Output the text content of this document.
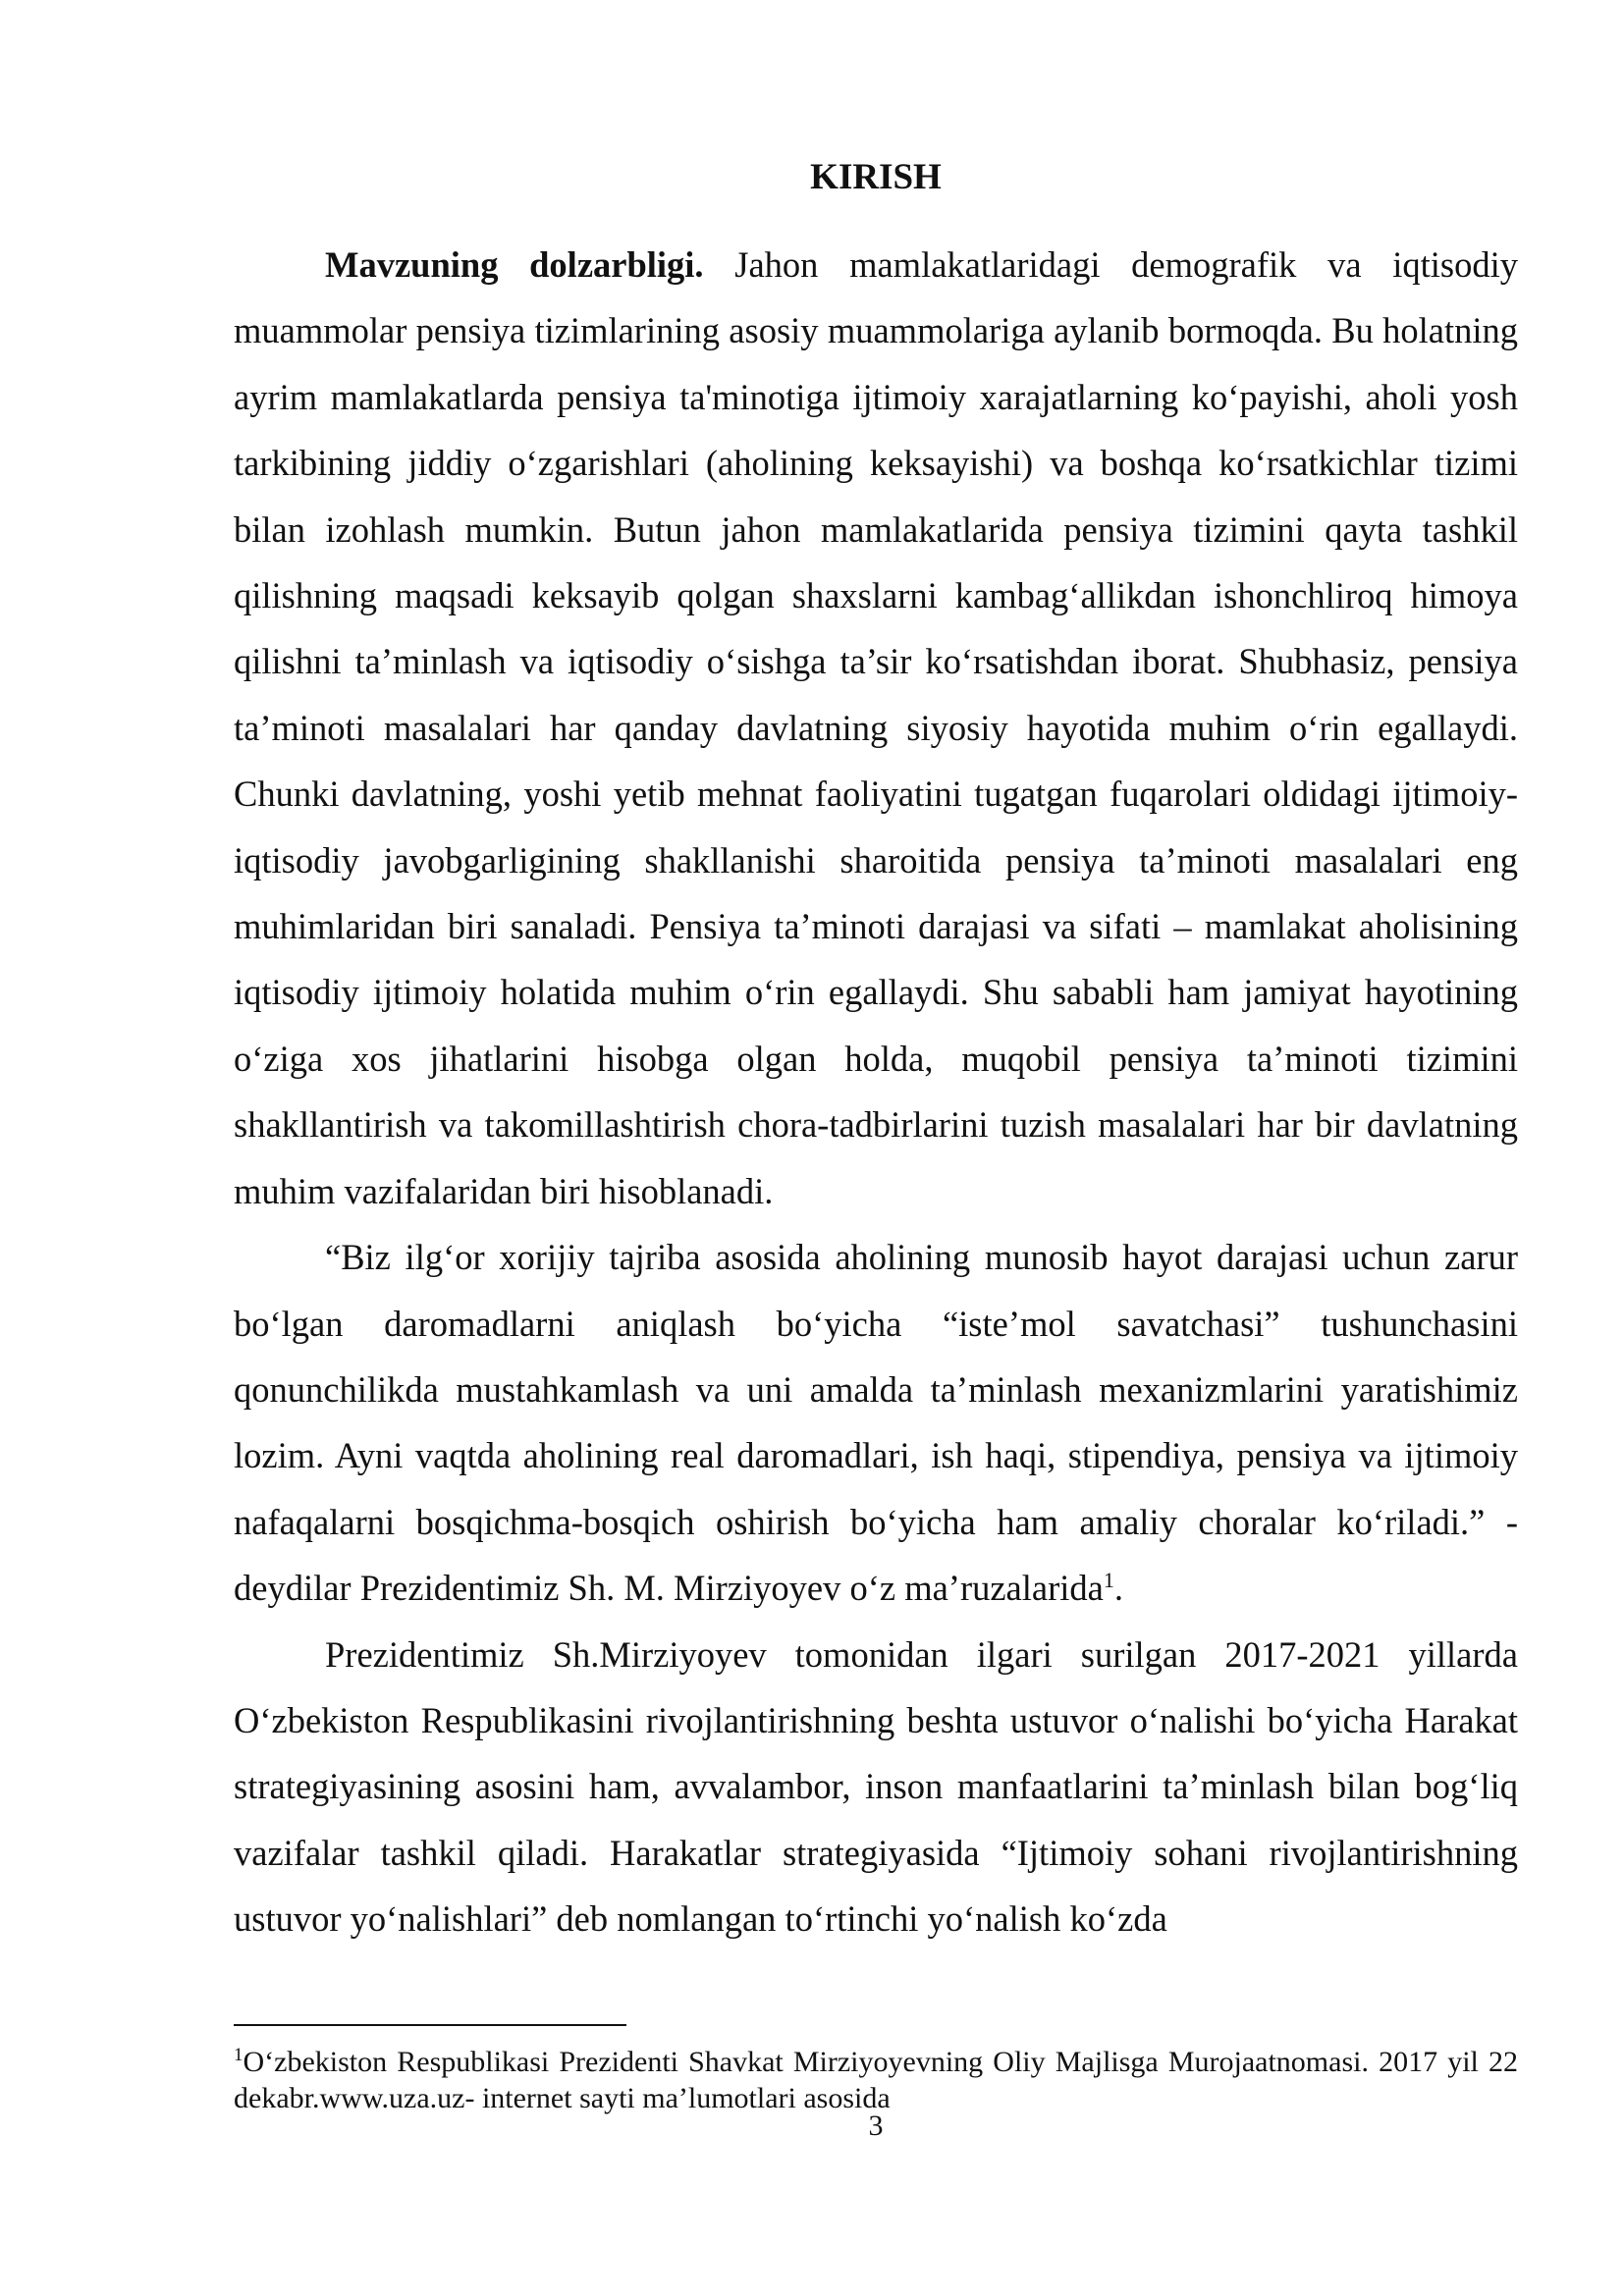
KIRISH

Mavzuning dolzarbligi. Jahon mamlakatlaridagi demografik va iqtisodiy muammolar pensiya tizimlarining asosiy muammolariga aylanib bormoqda. Bu holatning ayrim mamlakatlarda pensiya ta'minotiga ijtimoiy xarajatlarning ko‘payishi, aholi yosh tarkibining jiddiy o‘zgarishlari (aholining keksayishi) va boshqa ko‘rsatkichlar tizimi bilan izohlash mumkin. Butun jahon mamlakatlarida pensiya tizimini qayta tashkil qilishning maqsadi keksayib qolgan shaxslarni kambag‘allikdan ishonchliroq himoya qilishni ta’minlash va iqtisodiy o‘sishga ta’sir ko‘rsatishdan iborat. Shubhasiz, pensiya ta’minoti masalalari har qanday davlatning siyosiy hayotida muhim o‘rin egallaydi. Chunki davlatning, yoshi yetib mehnat faoliyatini tugatgan fuqarolari oldidagi ijtimoiy-iqtisodiy javobgarligining shakllanishi sharoitida pensiya ta’minoti masalalari eng muhimlaridan biri sanaladi. Pensiya ta’minoti darajasi va sifati – mamlakat aholisining iqtisodiy ijtimoiy holatida muhim o‘rin egallaydi. Shu sababli ham jamiyat hayotining o‘ziga xos jihatlarini hisobga olgan holda, muqobil pensiya ta’minoti tizimini shakllantirish va takomillashtirish chora-tadbirlarini tuzish masalalari har bir davlatning muhim vazifalaridan biri hisoblanadi.

“Biz ilg‘or xorijiy tajriba asosida aholining munosib hayot darajasi uchun zarur bo‘lgan daromadlarni aniqlash bo‘yicha “iste’mol savatchasi” tushunchasini qonunchilikda mustahkamlash va uni amalda ta’minlash mexanizmlarini yaratishimiz lozim. Ayni vaqtda aholining real daromadlari, ish haqi, stipendiya, pensiya va ijtimoiy nafaqalarni bosqichma-bosqich oshirish bo‘yicha ham amaliy choralar ko‘riladi.” - deydilar Prezidentimiz Sh. M. Mirziyoyev o‘z ma’ruzalarida$^1$.

Prezidentimiz Sh.Mirziyoyev tomonidan ilgari surilgan 2017-2021 yillarda O‘zbekiston Respublikasini rivojlantirishning beshta ustuvor o‘nalishi bo‘yicha Harakat strategiyasining asosini ham, avvalambor, inson manfaatlarini ta’minlash bilan bog‘liq vazifalar tashkil qiladi. Harakatlar strategiyasida “Ijtimoiy sohani rivojlantirishning ustuvor yo‘nalishlari” deb nomlangan to‘rtinchi yo‘nalish ko‘zda

$^1$O‘zbekiston Respublikasi Prezidenti Shavkat Mirziyoyevning Oliy Majlisga Murojaatnomasi. 2017 yil 22 dekabr.www.uza.uz- internet sayti ma’lumotlari asosida
3
